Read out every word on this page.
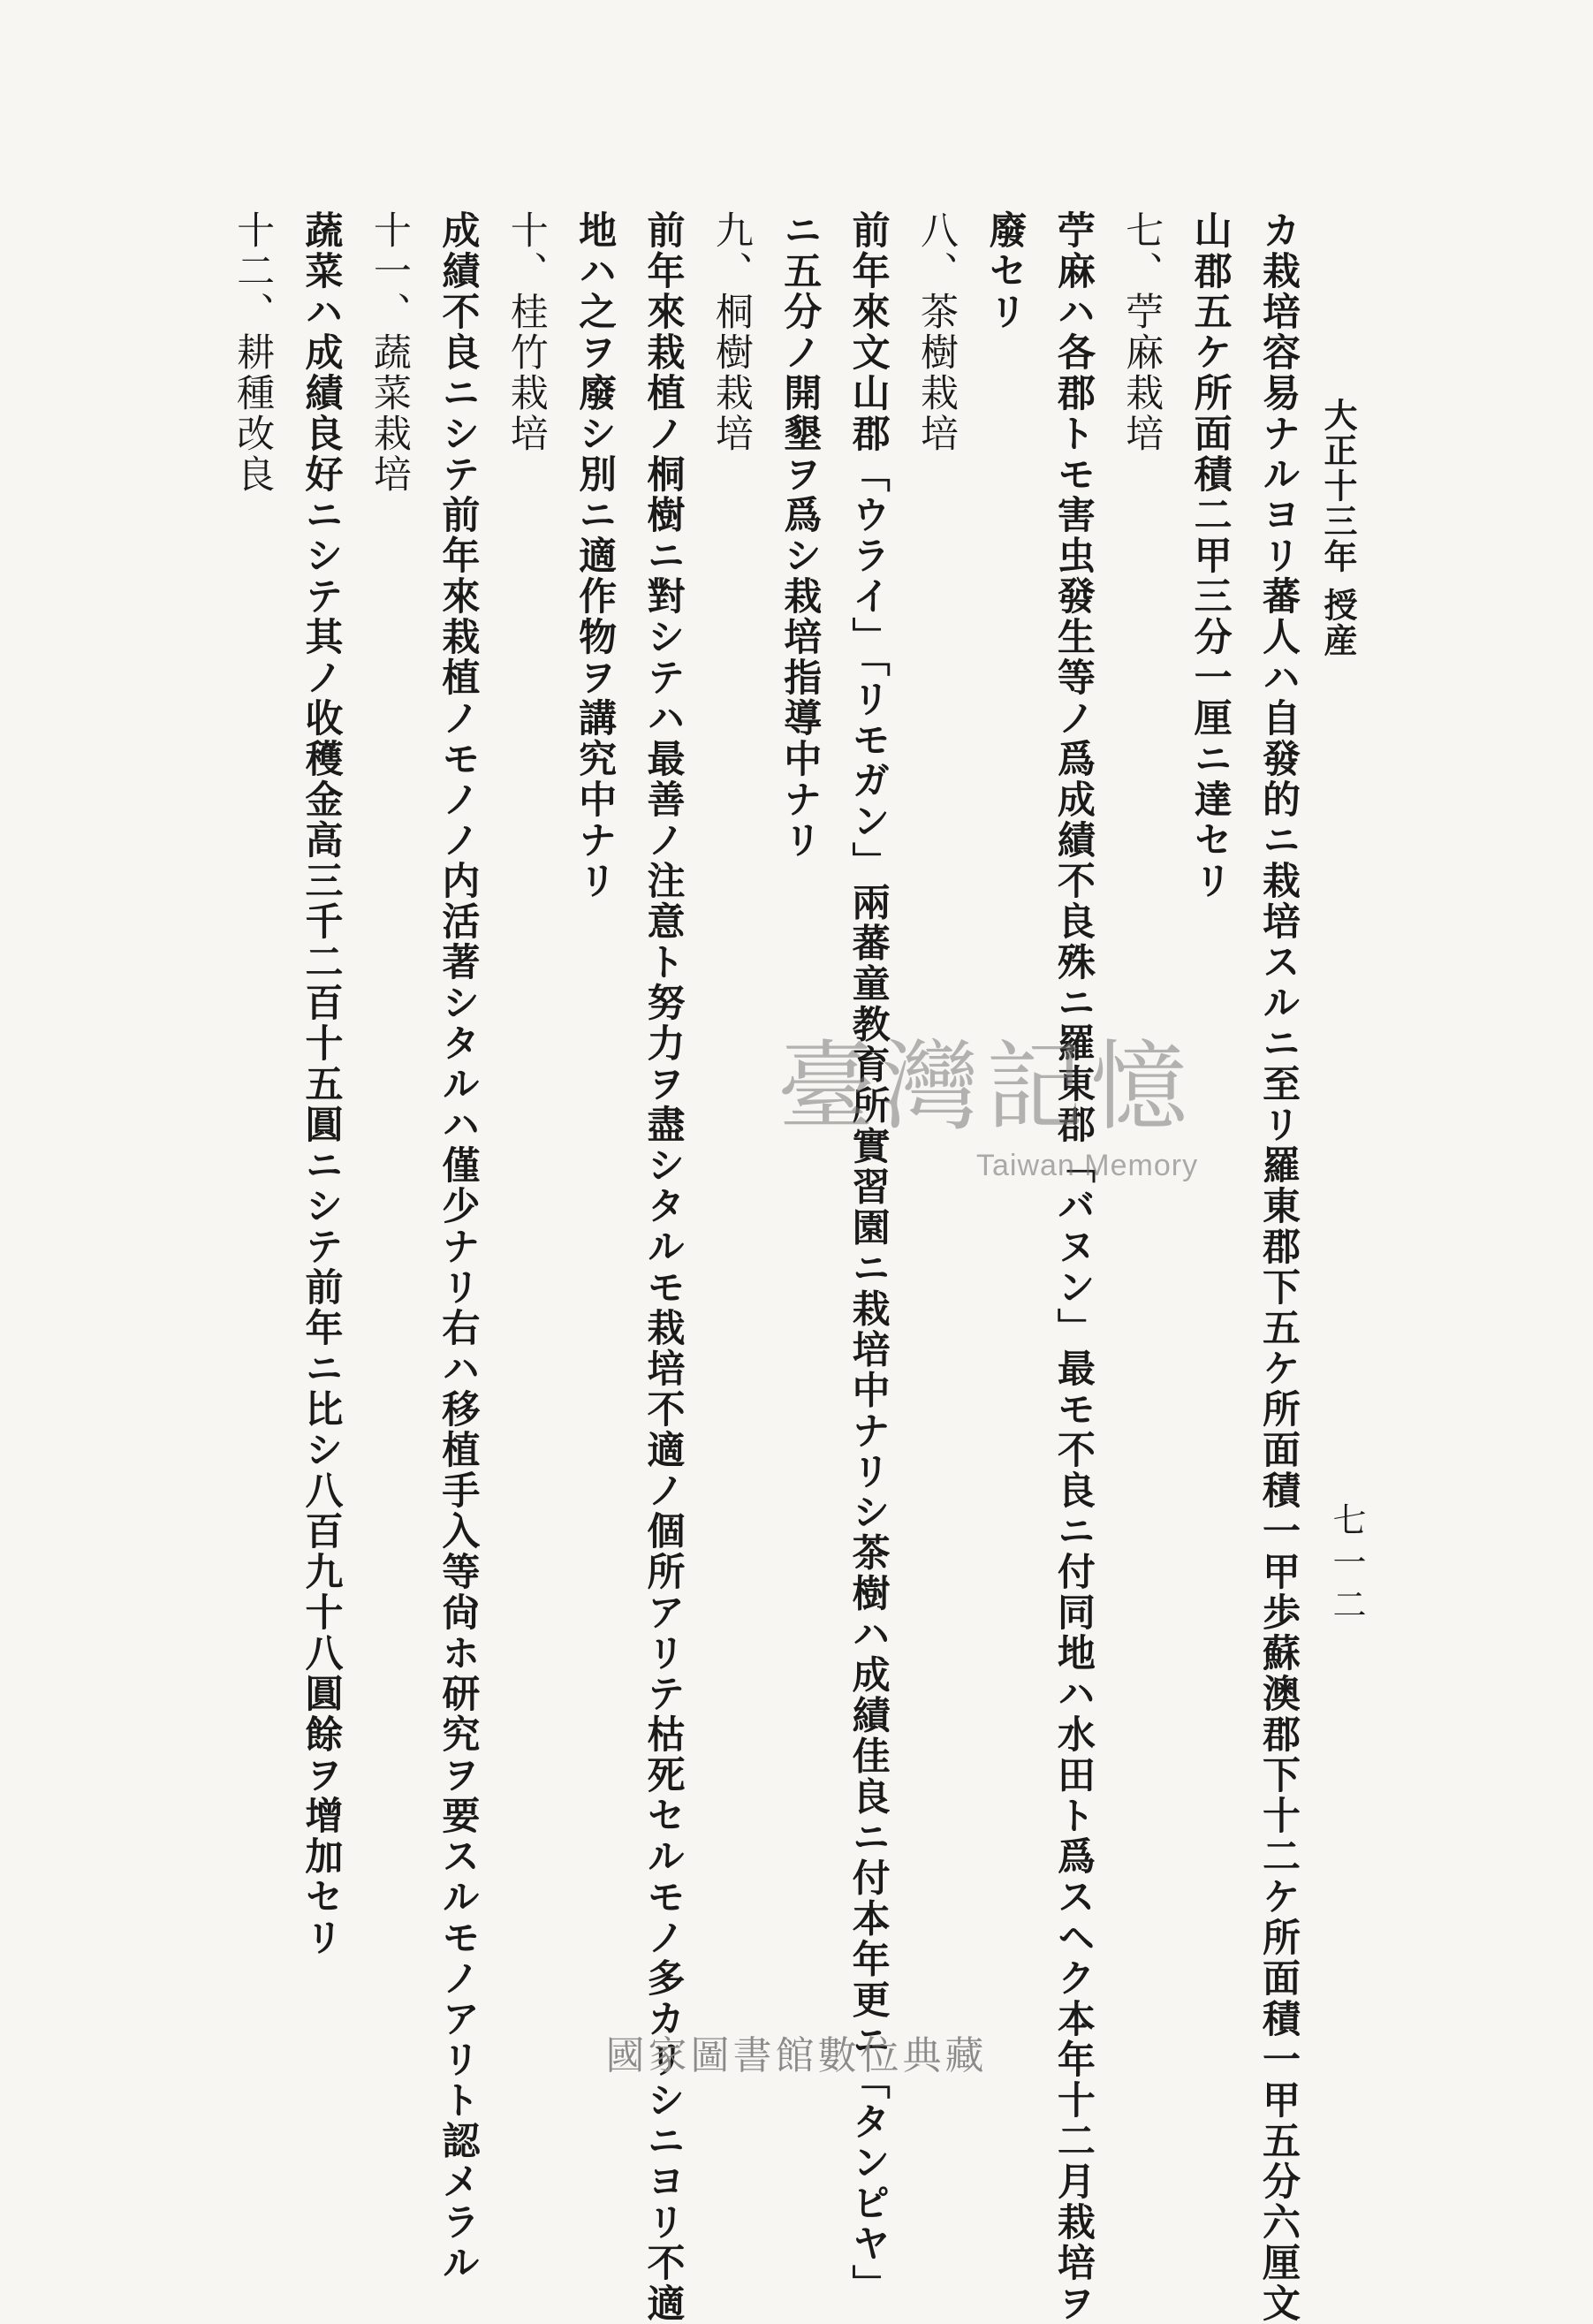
大正十三年 授産
七一二

カ栽培容易ナルヨリ蕃人ハ自發的ニ栽培スルニ至リ羅東郡下五ケ所面積一甲歩蘇澳郡下十二ケ所面積一甲五分六厘文

山郡五ケ所面積二甲三分一厘ニ達セリ

七、苧麻栽培

苧麻ハ各郡トモ害虫發生等ノ爲成績不良殊ニ羅東郡「バヌン」最モ不良ニ付同地ハ水田ト爲スヘク本年十二月栽培ヲ

廢セリ

八、茶樹栽培

前年來文山郡「ウライ」「リモガン」兩蕃童教育所實習園ニ栽培中ナリシ茶樹ハ成績佳良ニ付本年更ニ「タンピヤ」

ニ五分ノ開墾ヲ爲シ栽培指導中ナリ

九、桐樹栽培

前年來栽植ノ桐樹ニ對シテハ最善ノ注意ト努力ヲ盡シタルモ栽培不適ノ個所アリテ枯死セルモノ多カリシニヨリ不適

地ハ之ヲ廢シ別ニ適作物ヲ講究中ナリ

十、桂竹栽培

成績不良ニシテ前年來栽植ノモノノ内活著シタルハ僅少ナリ右ハ移植手入等尙ホ研究ヲ要スルモノアリト認メラル

十一、蔬菜栽培

蔬菜ハ成績良好ニシテ其ノ收穫金高三千二百十五圓ニシテ前年ニ比シ八百九十八圓餘ヲ增加セリ

十二、耕種改良

臺灣記憶
Taiwan Memory
國家圖書館數位典藏
